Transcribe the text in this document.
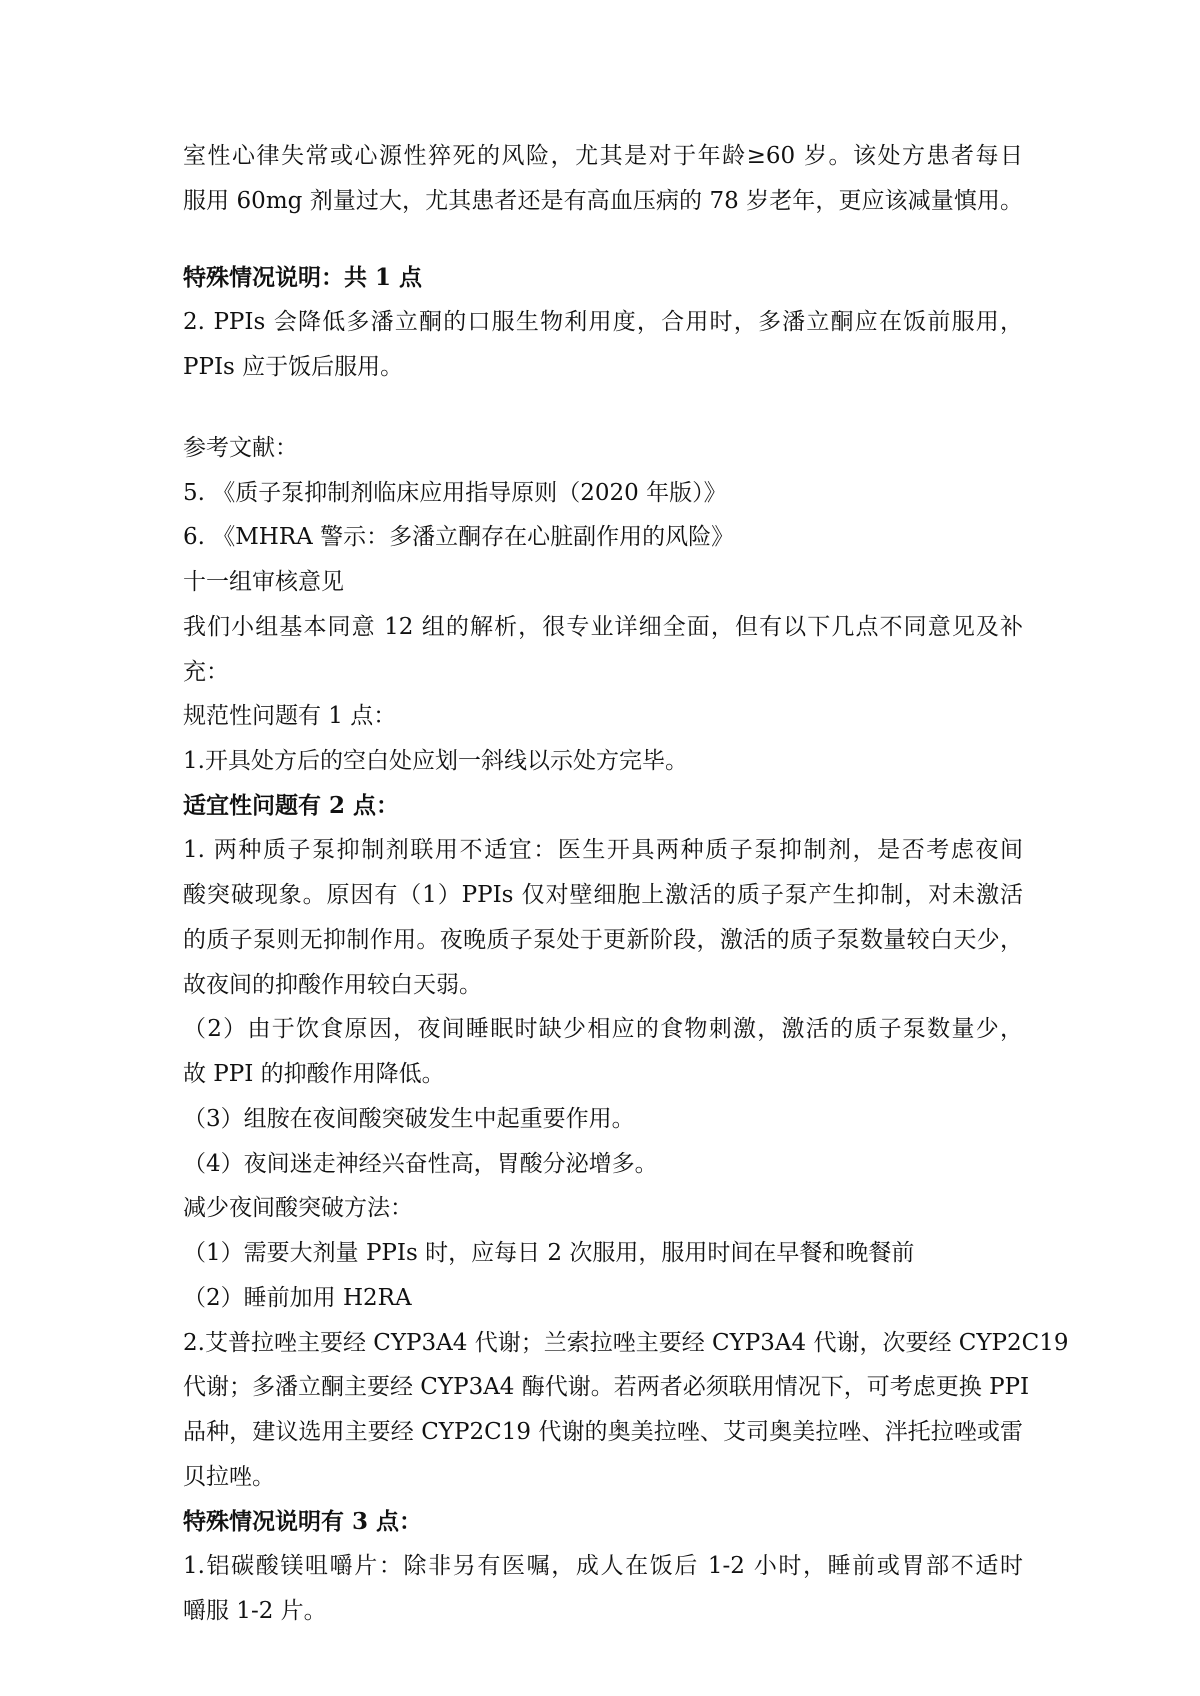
室性心律失常或心源性猝死的风险，尤其是对于年龄≥60 岁。该处方患者每日
服用 60mg 剂量过大，尤其患者还是有高血压病的 78 岁老年，更应该减量慎用。
特殊情况说明：共 1 点
2. PPIs 会降低多潘立酮的口服生物利用度，合用时，多潘立酮应在饭前服用，
PPIs 应于饭后服用。
参考文献：
5. 《质子泵抑制剂临床应用指导原则（2020 年版）》
6. 《MHRA 警示：多潘立酮存在心脏副作用的风险》
十一组审核意见
我们小组基本同意 12 组的解析，很专业详细全面，但有以下几点不同意见及补
充：
规范性问题有 1 点：
1.开具处方后的空白处应划一斜线以示处方完毕。
适宜性问题有 2 点：
1. 两种质子泵抑制剂联用不适宜：医生开具两种质子泵抑制剂，是否考虑夜间
酸突破现象。原因有（1）PPIs 仅对壁细胞上激活的质子泵产生抑制，对未激活
的质子泵则无抑制作用。夜晚质子泵处于更新阶段，激活的质子泵数量较白天少，
故夜间的抑酸作用较白天弱。
（2）由于饮食原因，夜间睡眠时缺少相应的食物刺激，激活的质子泵数量少，
故 PPI 的抑酸作用降低。
（3）组胺在夜间酸突破发生中起重要作用。
（4）夜间迷走神经兴奋性高，胃酸分泌增多。
减少夜间酸突破方法：
（1）需要大剂量 PPIs 时，应每日 2 次服用，服用时间在早餐和晚餐前
（2）睡前加用 H2RA
2.艾普拉唑主要经 CYP3A4 代谢；兰索拉唑主要经 CYP3A4 代谢，次要经 CYP2C19
代谢；多潘立酮主要经 CYP3A4 酶代谢。若两者必须联用情况下，可考虑更换 PPI
品种，建议选用主要经 CYP2C19 代谢的奥美拉唑、艾司奥美拉唑、泮托拉唑或雷
贝拉唑。
特殊情况说明有 3 点：
1.铝碳酸镁咀嚼片：除非另有医嘱，成人在饭后 1-2 小时，睡前或胃部不适时
嚼服 1-2 片。
